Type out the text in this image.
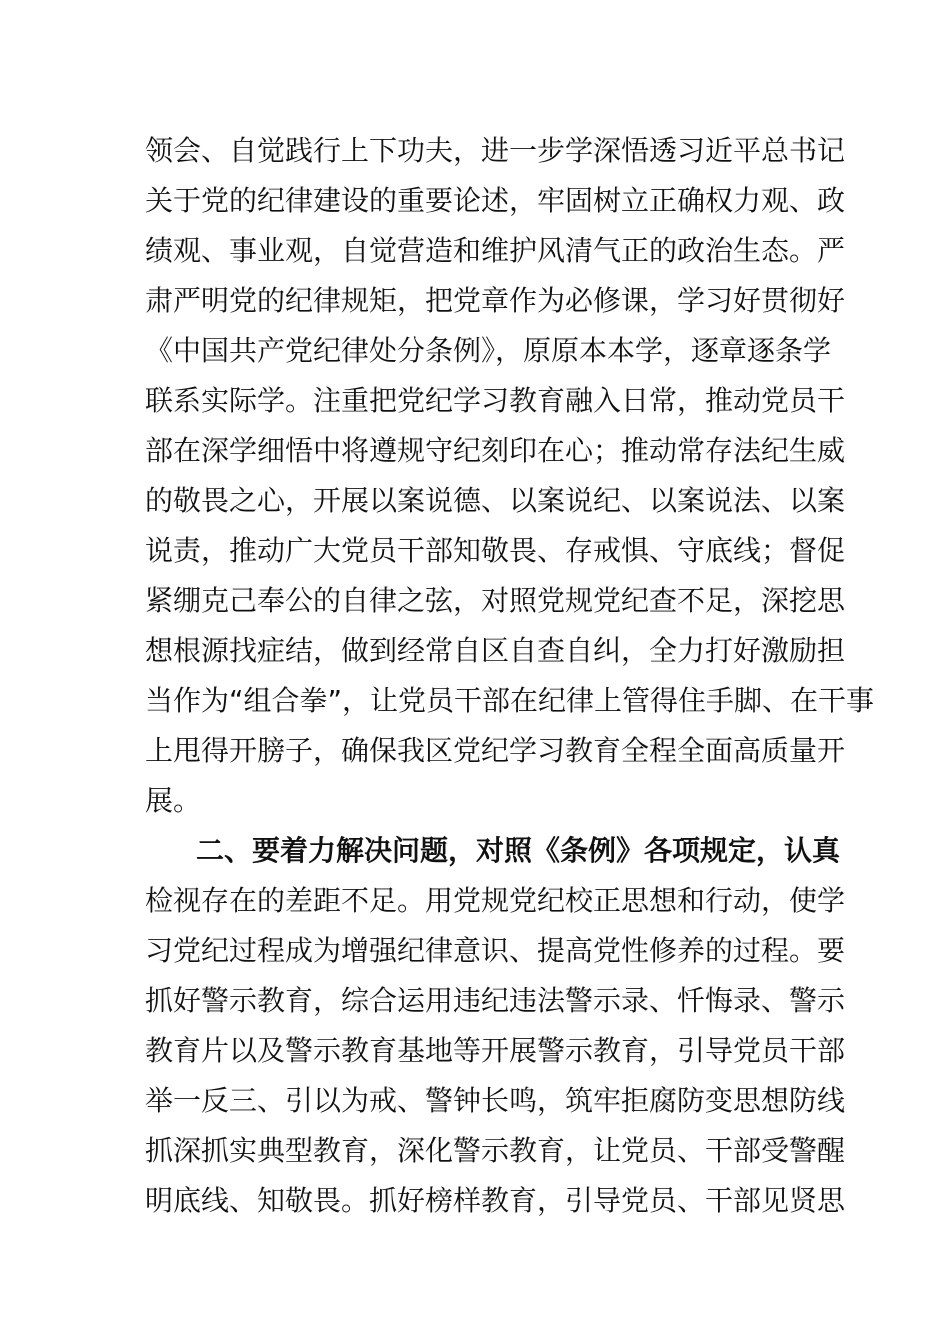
领会、自觉践行上下功夫，进一步学深悟透习近平总书记
关于党的纪律建设的重要论述，牢固树立正确权力观、政
绩观、事业观，自觉营造和维护风清气正的政治生态。严
肃严明党的纪律规矩，把党章作为必修课，学习好贯彻好
《中国共产党纪律处分条例》，原原本本学，逐章逐条学
联系实际学。注重把党纪学习教育融入日常，推动党员干
部在深学细悟中将遵规守纪刻印在心；推动常存法纪生威
的敬畏之心，开展以案说德、以案说纪、以案说法、以案
说责，推动广大党员干部知敬畏、存戒惧、守底线；督促
紧绷克己奉公的自律之弦，对照党规党纪查不足，深挖思
想根源找症结，做到经常自区自查自纠，全力打好激励担
当作为“组合拳”，让党员干部在纪律上管得住手脚、在干事
上甩得开膀子，确保我区党纪学习教育全程全面高质量开
展。
二、要着力解决问题，对照《条例》各项规定，认真
检视存在的差距不足。用党规党纪校正思想和行动，使学
习党纪过程成为增强纪律意识、提高党性修养的过程。要
抓好警示教育，综合运用违纪违法警示录、忏悔录、警示
教育片以及警示教育基地等开展警示教育，引导党员干部
举一反三、引以为戒、警钟长鸣，筑牢拒腐防变思想防线
抓深抓实典型教育，深化警示教育，让党员、干部受警醒
明底线、知敬畏。抓好榜样教育，引导党员、干部见贤思
